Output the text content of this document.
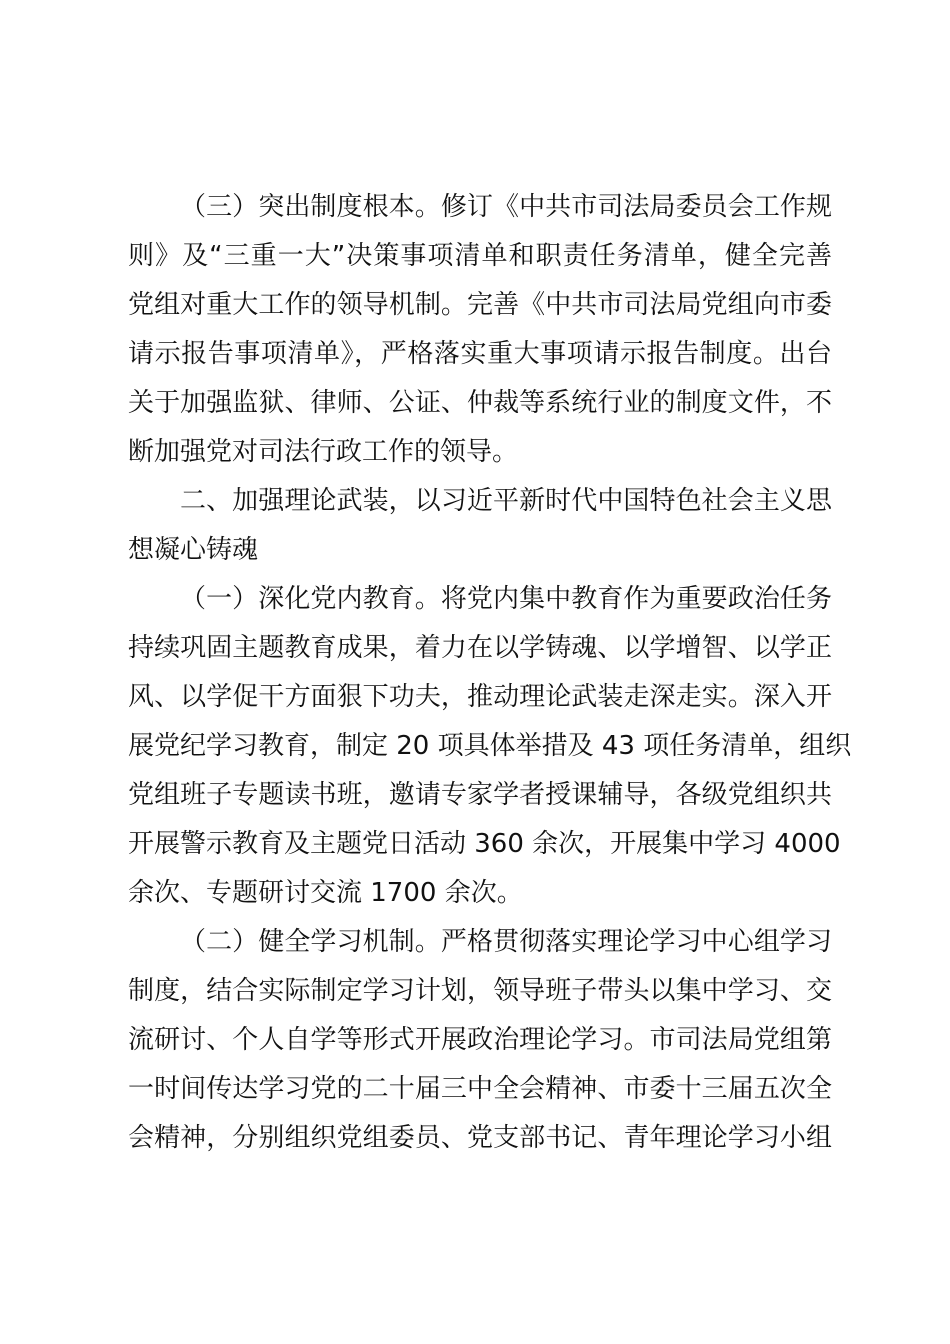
（三）突出制度根本。修订《中共市司法局委员会工作规
则》及“三重一大”决策事项清单和职责任务清单，健全完善
党组对重大工作的领导机制。完善《中共市司法局党组向市委
请示报告事项清单》，严格落实重大事项请示报告制度。出台
关于加强监狱、律师、公证、仲裁等系统行业的制度文件，不
断加强党对司法行政工作的领导。
二、加强理论武装，以习近平新时代中国特色社会主义思
想凝心铸魂
（一）深化党内教育。将党内集中教育作为重要政治任务
持续巩固主题教育成果，着力在以学铸魂、以学增智、以学正
风、以学促干方面狠下功夫，推动理论武装走深走实。深入开
展党纪学习教育，制定 20 项具体举措及 43 项任务清单，组织
党组班子专题读书班，邀请专家学者授课辅导，各级党组织共
开展警示教育及主题党日活动 360 余次，开展集中学习 4000
余次、专题研讨交流 1700 余次。
（二）健全学习机制。严格贯彻落实理论学习中心组学习
制度，结合实际制定学习计划，领导班子带头以集中学习、交
流研讨、个人自学等形式开展政治理论学习。市司法局党组第
一时间传达学习党的二十届三中全会精神、市委十三届五次全
会精神，分别组织党组委员、党支部书记、青年理论学习小组
